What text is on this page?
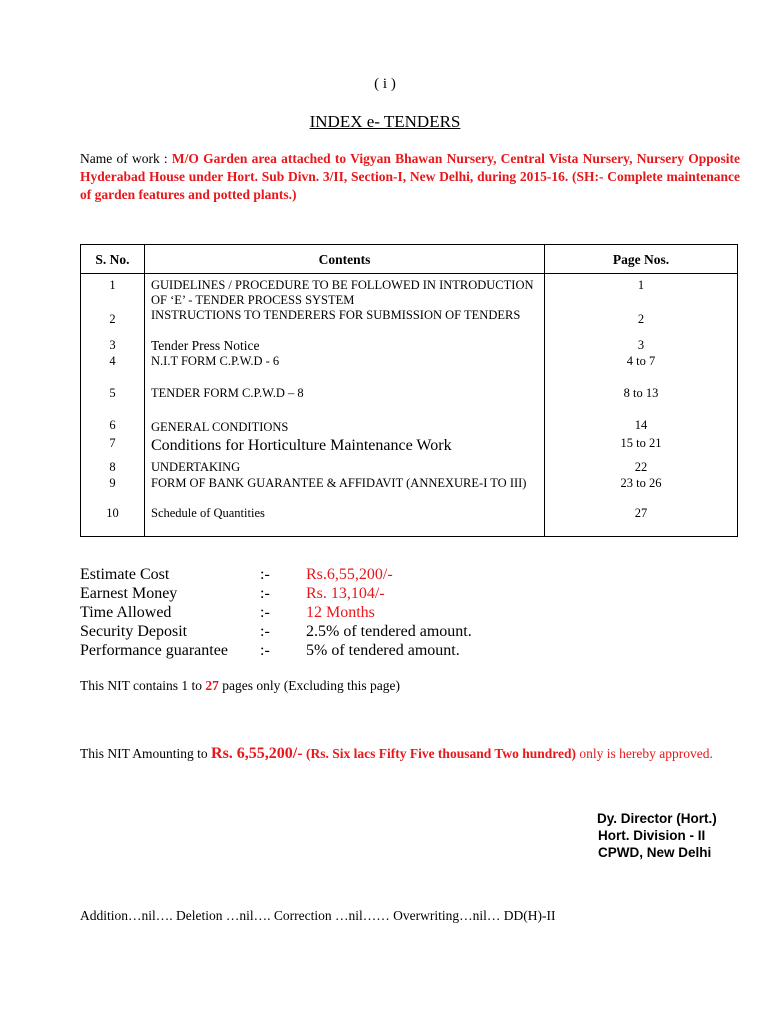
( i )
INDEX e- TENDERS
Name of work : M/O Garden area attached to Vigyan Bhawan Nursery, Central Vista Nursery, Nursery Opposite Hyderabad House under Hort. Sub Divn. 3/II, Section-I, New Delhi, during 2015-16. (SH:- Complete maintenance of garden features and potted plants.)
S. No.	Contents	Page Nos.
1	GUIDELINES / PROCEDURE TO BE FOLLOWED IN INTRODUCTION OF ‘E’ - TENDER PROCESS SYSTEM	1
2	INSTRUCTIONS TO TENDERERS FOR SUBMISSION OF TENDERS	2
3	Tender Press Notice	3
4	N.I.T FORM C.P.W.D - 6	4 to 7
5	TENDER FORM C.P.W.D – 8	8 to 13
6	GENERAL CONDITIONS	14
7	Conditions for Horticulture Maintenance Work	15 to 21
8	UNDERTAKING	22
9	FORM OF BANK GUARANTEE & AFFIDAVIT (ANNEXURE-I TO III)	23 to 26
10	Schedule of Quantities	27
Estimate Cost	:-	Rs.6,55,200/-
Earnest Money	:-	Rs. 13,104/-
Time Allowed	:-	12 Months
Security Deposit	:-	2.5% of tendered amount.
Performance guarantee	:-	5% of tendered amount.
This NIT contains 1 to 27 pages only (Excluding this page)
This NIT Amounting to Rs. 6,55,200/- (Rs. Six lacs Fifty Five thousand Two hundred) only is hereby approved.
Dy. Director (Hort.)
Hort. Division - II
CPWD, New Delhi
Addition…nil…. Deletion …nil…. Correction …nil…… Overwriting…nil… DD(H)-II
